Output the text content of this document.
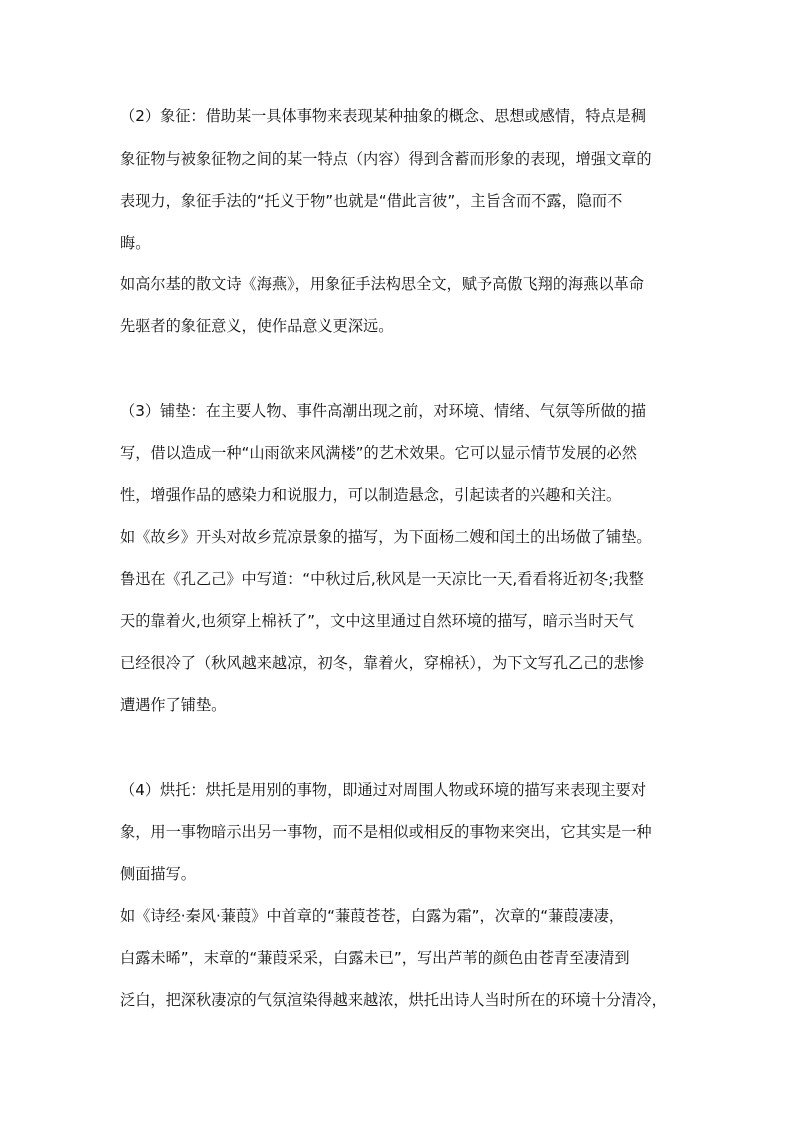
（2）象征：借助某一具体事物来表现某种抽象的概念、思想或感情，特点是稠

象征物与被象征物之间的某一特点（内容）得到含蓄而形象的表现，增强文章的

表现力，象征手法的“托义于物”也就是“借此言彼”，主旨含而不露，隐而不

晦。

如高尔基的散文诗《海燕》，用象征手法构思全文，赋予高傲飞翔的海燕以革命

先驱者的象征意义，使作品意义更深远。

（3）铺垫：在主要人物、事件高潮出现之前，对环境、情绪、气氛等所做的描

写，借以造成一种“山雨欲来风满楼”的艺术效果。它可以显示情节发展的必然

性，增强作品的感染力和说服力，可以制造悬念，引起读者的兴趣和关注。

如《故乡》开头对故乡荒凉景象的描写，为下面杨二嫂和闰土的出场做了铺垫。

鲁迅在《孔乙己》中写道：“中秋过后,秋风是一天凉比一天,看看将近初冬;我整

天的靠着火,也须穿上棉袄了”，文中这里通过自然环境的描写，暗示当时天气

已经很冷了（秋风越来越凉，初冬，靠着火，穿棉袄），为下文写孔乙己的悲惨

遭遇作了铺垫。

（4）烘托：烘托是用别的事物，即通过对周围人物或环境的描写来表现主要对

象，用一事物暗示出另一事物，而不是相似或相反的事物来突出，它其实是一种

侧面描写。

如《诗经·秦风·蒹葭》中首章的“蒹葭苍苍，白露为霜”，次章的“蒹葭凄凄，

白露未晞”，末章的“蒹葭采采，白露未已”，写出芦苇的颜色由苍青至凄清到

泛白，把深秋凄凉的气氛渲染得越来越浓，烘托出诗人当时所在的环境十分清冷，
